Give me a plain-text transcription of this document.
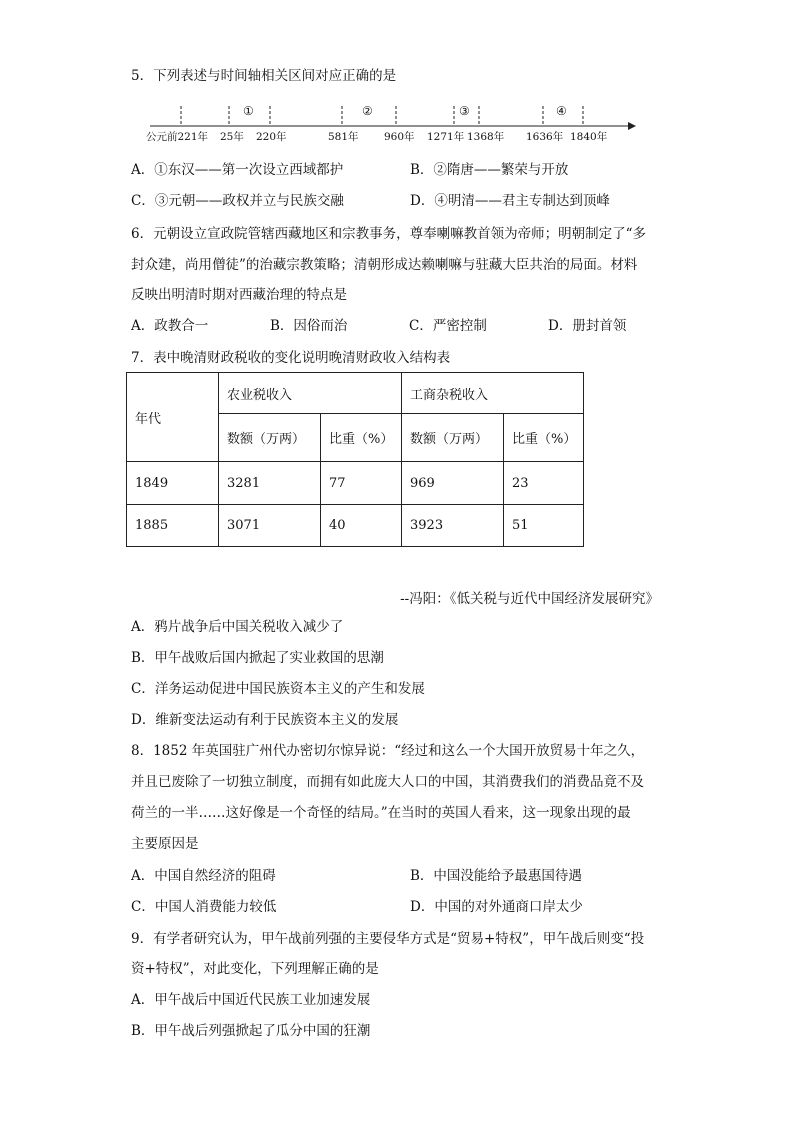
5．下列表述与时间轴相关区间对应正确的是
①	②	③	④
公元前221年 25年 220年	581年 960年 1271年 1368年 1636年 1840年
A．①东汉——第一次设立西域都护	B．②隋唐——繁荣与开放
C．③元朝——政权并立与民族交融	D．④明清——君主专制达到顶峰
6．元朝设立宣政院管辖西藏地区和宗教事务，尊奉喇嘛教首领为帝师；明朝制定了“多
封众建，尚用僧徒”的治藏宗教策略；清朝形成达赖喇嘛与驻藏大臣共治的局面。材料
反映出明清时期对西藏治理的特点是
A．政教合一	B．因俗而治	C．严密控制	D．册封首领
7．表中晚清财政税收的变化说明晚清财政收入结构表
年代	农业税收入		工商杂税收入	
	数额（万两）	比重（%）	数额（万两）	比重（%）
1849	3281	77	969	23
1885	3071	40	3923	51
--冯阳：《低关税与近代中国经济发展研究》
A．鸦片战争后中国关税收入减少了
B．甲午战败后国内掀起了实业救国的思潮
C．洋务运动促进中国民族资本主义的产生和发展
D．维新变法运动有利于民族资本主义的发展
8．1852 年英国驻广州代办密切尔惊异说：“经过和这么一个大国开放贸易十年之久，
并且已废除了一切独立制度，而拥有如此庞大人口的中国，其消费我们的消费品竟不及
荷兰的一半……这好像是一个奇怪的结局。”在当时的英国人看来，这一现象出现的最
主要原因是
A．中国自然经济的阻碍	B．中国没能给予最惠国待遇
C．中国人消费能力较低	D．中国的对外通商口岸太少
9．有学者研究认为，甲午战前列强的主要侵华方式是“贸易+特权”，甲午战后则变“投
资+特权”，对此变化，下列理解正确的是
A．甲午战后中国近代民族工业加速发展
B．甲午战后列强掀起了瓜分中国的狂潮
